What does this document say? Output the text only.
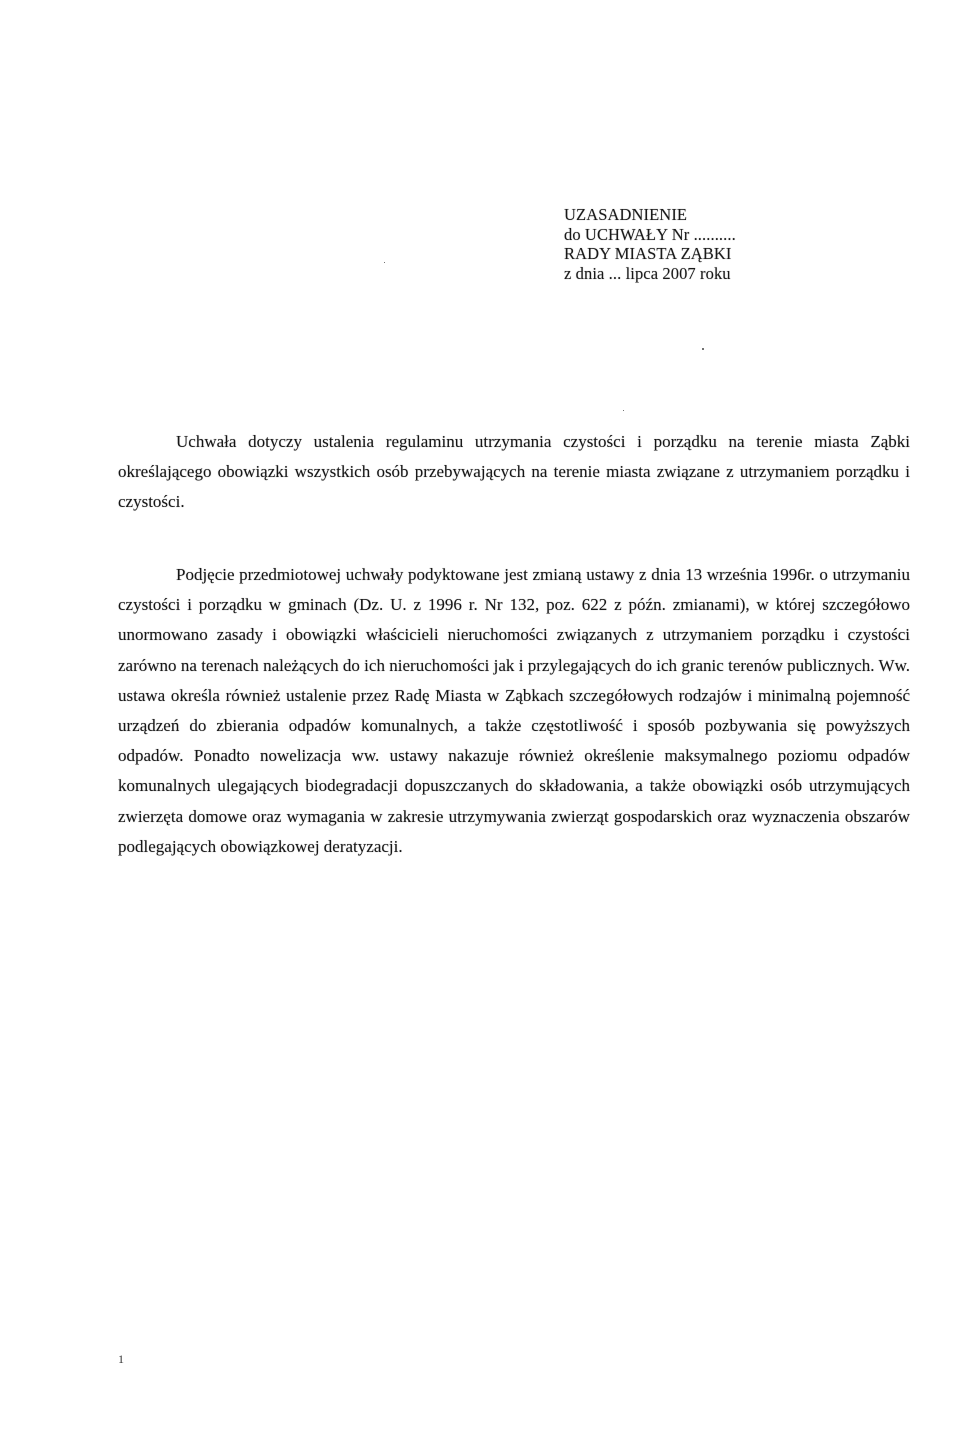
UZASADNIENIE
do UCHWAŁY Nr ..........
RADY MIASTA ZĄBKI
z dnia ... lipca 2007 roku

Uchwała dotyczy ustalenia regulaminu utrzymania czystości i porządku na terenie miasta Ząbki określającego obowiązki wszystkich osób przebywających na terenie miasta związane z utrzymaniem porządku i czystości.

Podjęcie przedmiotowej uchwały podyktowane jest zmianą ustawy z dnia 13 września 1996r. o utrzymaniu czystości i porządku w gminach (Dz. U. z 1996 r. Nr 132, poz. 622 z późn. zmianami), w której szczegółowo unormowano zasady i obowiązki właścicieli nieruchomości związanych z utrzymaniem porządku i czystości zarówno na terenach należących do ich nieruchomości jak i przylegających do ich granic terenów publicznych. Ww. ustawa określa również ustalenie przez Radę Miasta w Ząbkach szczegółowych rodzajów i minimalną pojemność urządzeń do zbierania odpadów komunalnych, a także częstotliwość i sposób pozbywania się powyższych odpadów. Ponadto nowelizacja ww. ustawy nakazuje również określenie maksymalnego poziomu odpadów komunalnych ulegających biodegradacji dopuszczanych do składowania, a także obowiązki osób utrzymujących zwierzęta domowe oraz wymagania w zakresie utrzymywania zwierząt gospodarskich oraz wyznaczenia obszarów podlegających obowiązkowej deratyzacji.

1
